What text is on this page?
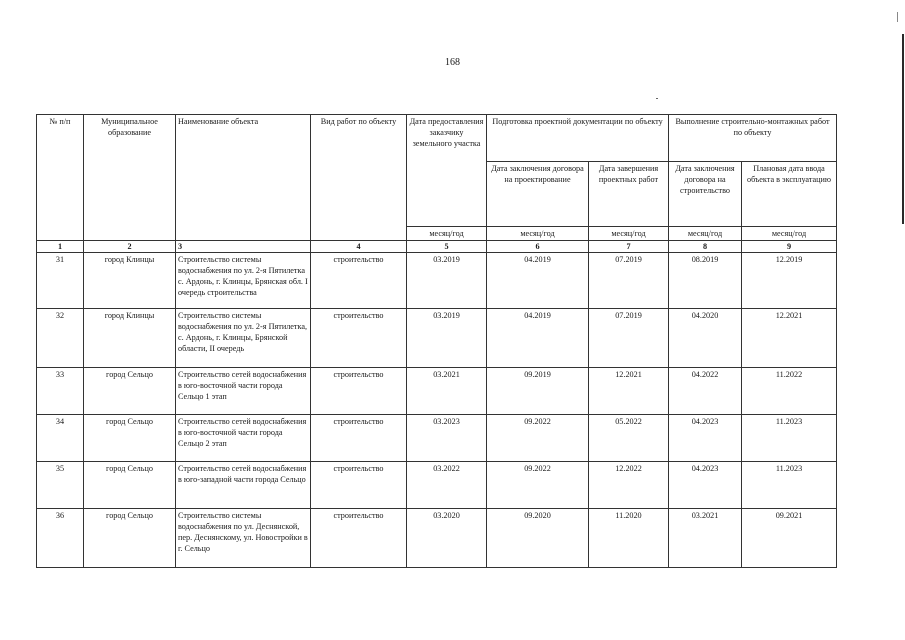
168
№ п/п	Муниципальное образование	Наименование объекта	Вид работ по объекту	Дата предоставления заказчику земельного участка	Подготовка проектной документации по объекту		Выполнение строительно-монтажных работ по объекту	
					Дата заключения договора на проектирование	Дата завершения проектных работ	Дата заключения договора на строительство	Плановая дата ввода объекта в эксплуатацию
				месяц/год	месяц/год	месяц/год	месяц/год	месяц/год
1	2	3	4	5	6	7	8	9
31	город Клинцы	Строительство системы водоснабжения по ул. 2-я Пятилетка с. Ардонь, г. Клинцы, Брянская обл. I очередь строительства	строительство	03.2019	04.2019	07.2019	08.2019	12.2019
32	город Клинцы	Строительство системы водоснабжения по ул. 2-я Пятилетка, с. Ардонь, г. Клинцы, Брянской области, II очередь	строительство	03.2019	04.2019	07.2019	04.2020	12.2021
33	город Сельцо	Строительство сетей водоснабжения в юго-восточной части города Сельцо 1 этап	строительство	03.2021	09.2019	12.2021	04.2022	11.2022
34	город Сельцо	Строительство сетей водоснабжения в юго-восточной части города Сельцо 2 этап	строительство	03.2023	09.2022	05.2022	04.2023	11.2023
35	город Сельцо	Строительство сетей водоснабжения в юго-западной части города Сельцо	строительство	03.2022	09.2022	12.2022	04.2023	11.2023
36	город Сельцо	Строительство системы водоснабжения по ул. Деснянской, пер. Деснянскому, ул. Новостройки в г. Сельцо	строительство	03.2020	09.2020	11.2020	03.2021	09.2021
